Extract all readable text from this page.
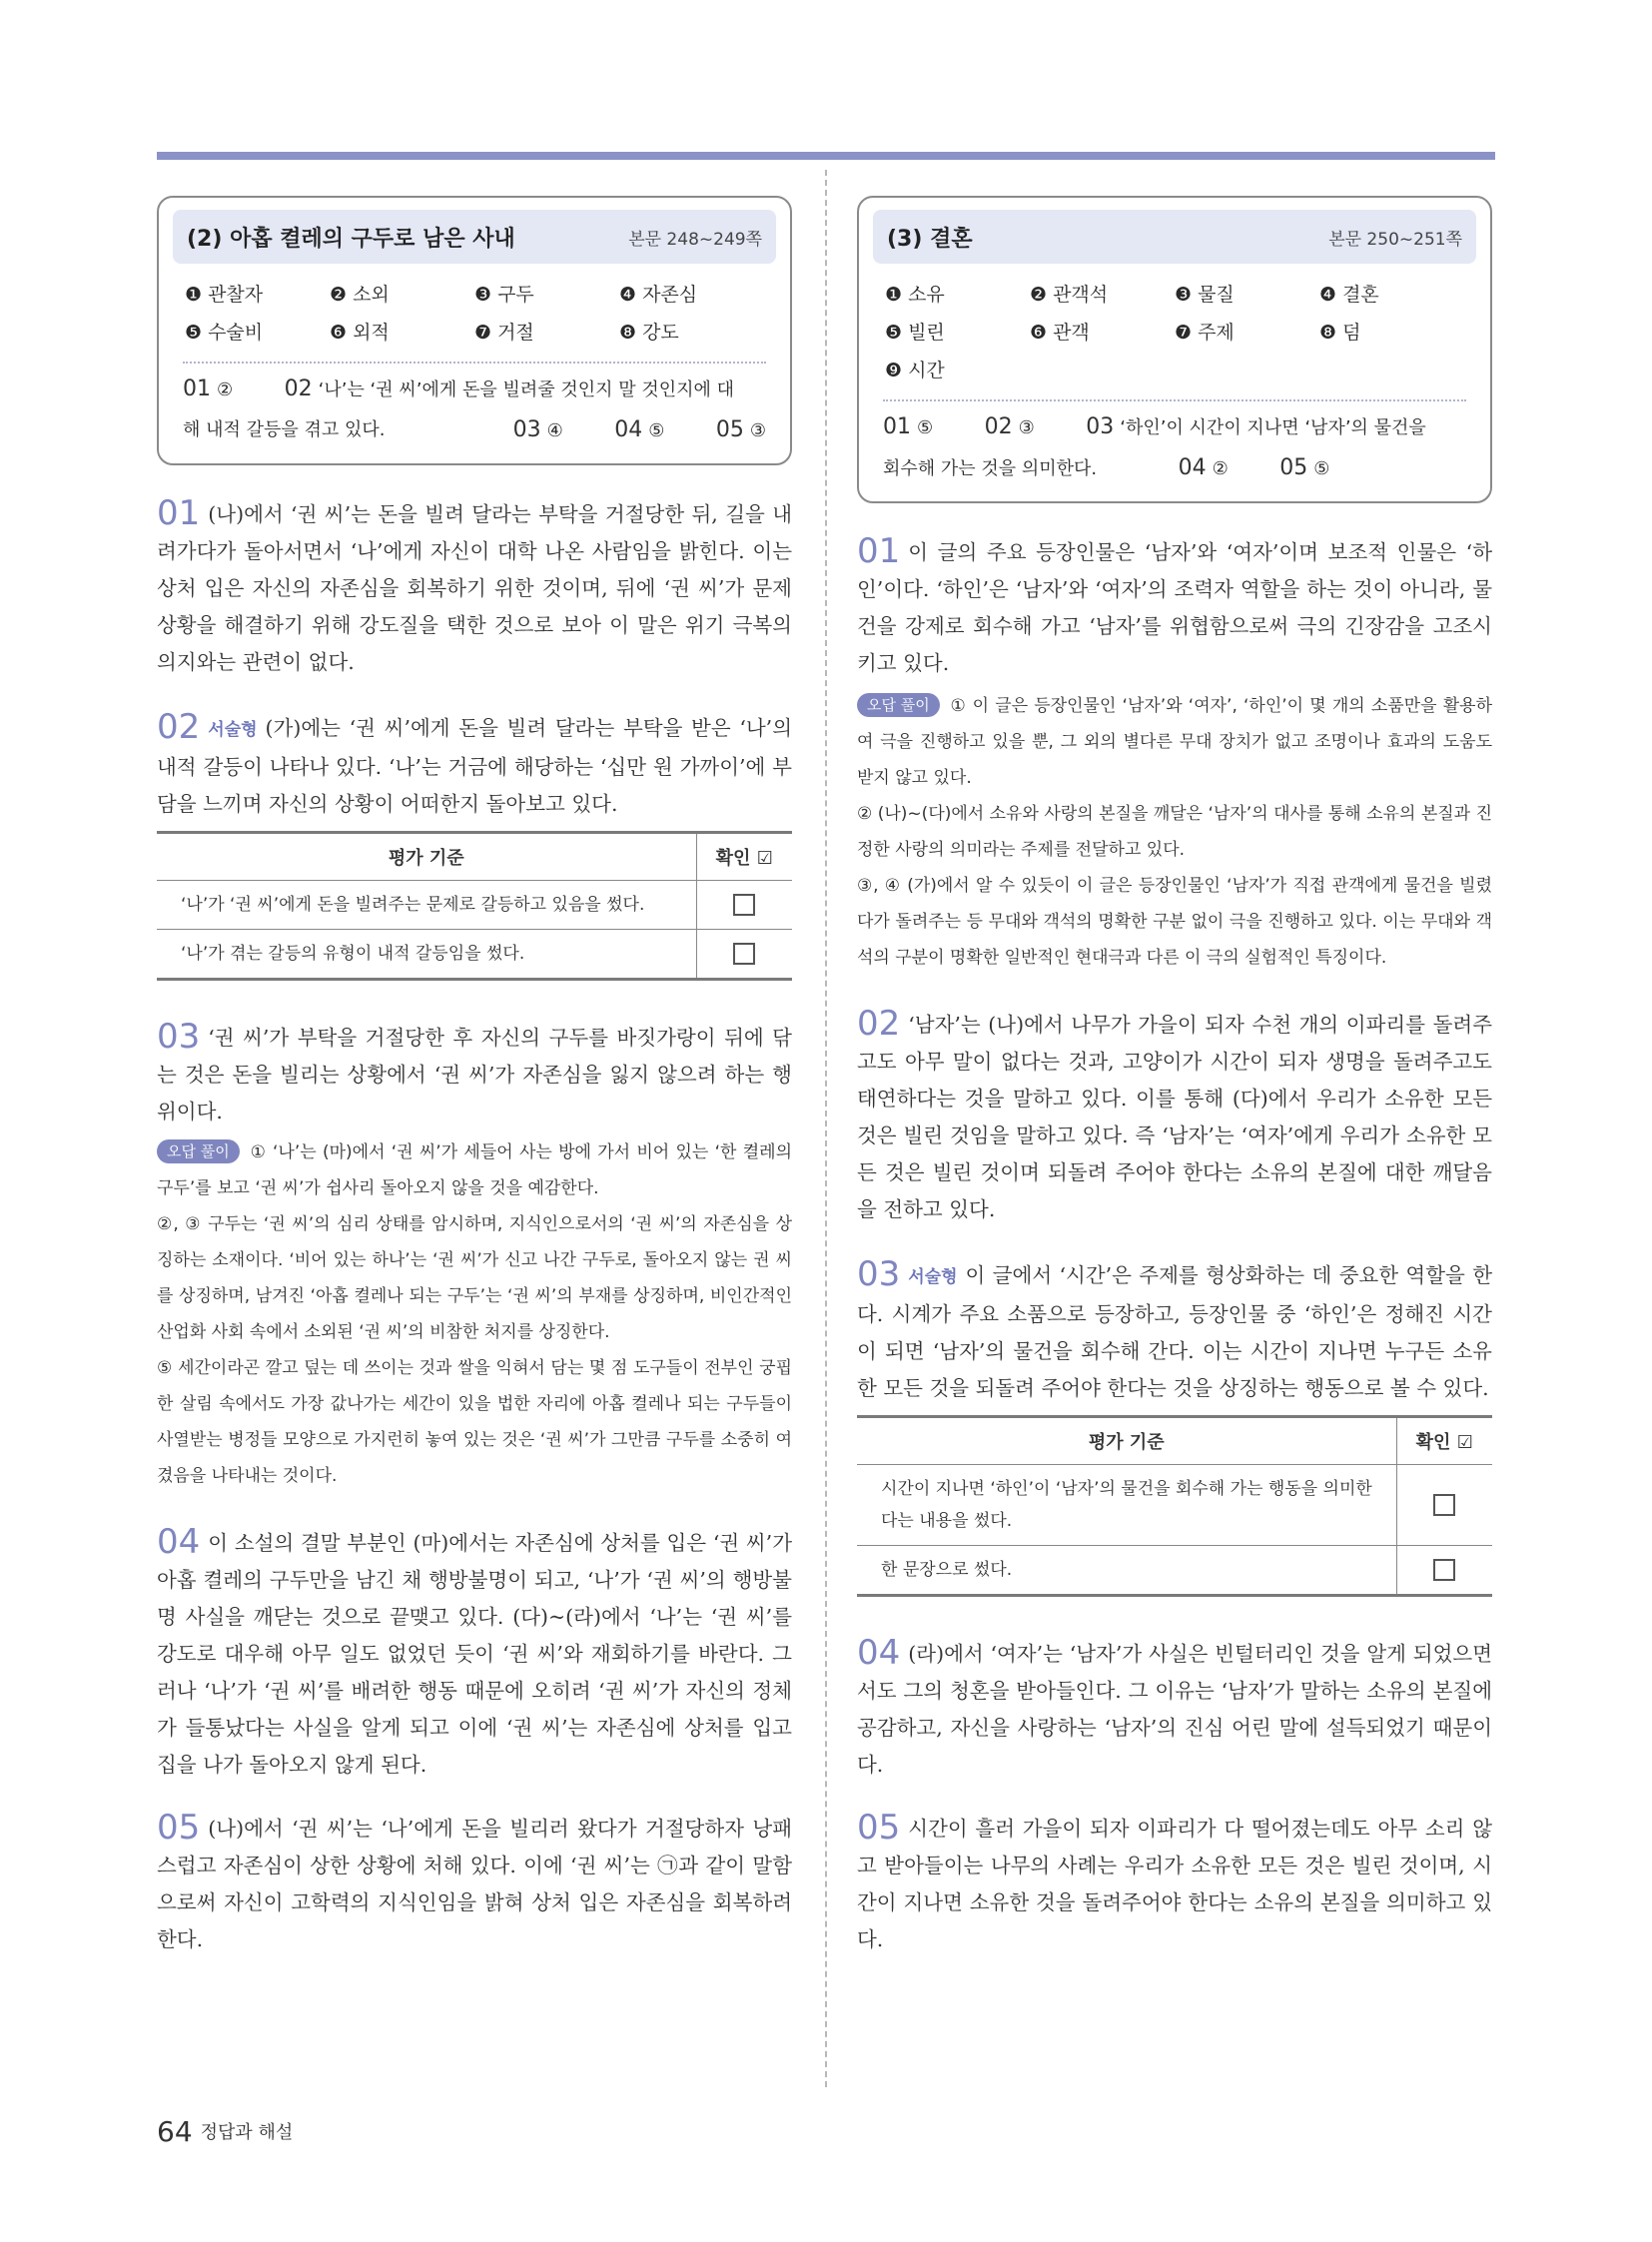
(2) 아홉 켤레의 구두로 남은 사내	본문 248~249쪽
❶ 관찰자	❷ 소외	❸ 구두	❹ 자존심
❺ 수술비	❻ 외적	❼ 거절	❽ 강도
01 ② 02 ‘나’는 ‘권 씨’에게 돈을 빌려줄 것인지 말 것인지에 대
해 내적 갈등을 겪고 있다.	03 ④ 04 ⑤ 05 ③
01 (나)에서 ‘권 씨’는 돈을 빌려 달라는 부탁을 거절당한 뒤, 길을 내려가다가 돌아서면서 ‘나’에게 자신이 대학 나온 사람임을 밝힌다. 이는 상처 입은 자신의 자존심을 회복하기 위한 것이며, 뒤에 ‘권 씨’가 문제 상황을 해결하기 위해 강도질을 택한 것으로 보아 이 말은 위기 극복의 의지와는 관련이 없다.
02 서술형 (가)에는 ‘권 씨’에게 돈을 빌려 달라는 부탁을 받은 ‘나’의 내적 갈등이 나타나 있다. ‘나’는 거금에 해당하는 ‘십만 원 가까이’에 부담을 느끼며 자신의 상황이 어떠한지 돌아보고 있다.
평가 기준	확인 ☑
‘나’가 ‘권 씨’에게 돈을 빌려주는 문제로 갈등하고 있음을 썼다.	
‘나’가 겪는 갈등의 유형이 내적 갈등임을 썼다.	
03 ‘권 씨’가 부탁을 거절당한 후 자신의 구두를 바짓가랑이 뒤에 닦는 것은 돈을 빌리는 상황에서 ‘권 씨’가 자존심을 잃지 않으려 하는 행위이다.
오답 풀이 ① ‘나’는 (마)에서 ‘권 씨’가 세들어 사는 방에 가서 비어 있는 ‘한 켤레의 구두’를 보고 ‘권 씨’가 쉽사리 돌아오지 않을 것을 예감한다.
②, ③ 구두는 ‘권 씨’의 심리 상태를 암시하며, 지식인으로서의 ‘권 씨’의 자존심을 상징하는 소재이다. ‘비어 있는 하나’는 ‘권 씨’가 신고 나간 구두로, 돌아오지 않는 권 씨를 상징하며, 남겨진 ‘아홉 켤레나 되는 구두’는 ‘권 씨’의 부재를 상징하며, 비인간적인 산업화 사회 속에서 소외된 ‘권 씨’의 비참한 처지를 상징한다.
⑤ 세간이라곤 깔고 덮는 데 쓰이는 것과 쌀을 익혀서 담는 몇 점 도구들이 전부인 궁핍한 살림 속에서도 가장 값나가는 세간이 있을 법한 자리에 아홉 켤레나 되는 구두들이 사열받는 병정들 모양으로 가지런히 놓여 있는 것은 ‘권 씨’가 그만큼 구두를 소중히 여겼음을 나타내는 것이다.
04 이 소설의 결말 부분인 (마)에서는 자존심에 상처를 입은 ‘권 씨’가 아홉 켤레의 구두만을 남긴 채 행방불명이 되고, ‘나’가 ‘권 씨’의 행방불명 사실을 깨닫는 것으로 끝맺고 있다. (다)~(라)에서 ‘나’는 ‘권 씨’를 강도로 대우해 아무 일도 없었던 듯이 ‘권 씨’와 재회하기를 바란다. 그러나 ‘나’가 ‘권 씨’를 배려한 행동 때문에 오히려 ‘권 씨’가 자신의 정체가 들통났다는 사실을 알게 되고 이에 ‘권 씨’는 자존심에 상처를 입고 집을 나가 돌아오지 않게 된다.
05 (나)에서 ‘권 씨’는 ‘나’에게 돈을 빌리러 왔다가 거절당하자 낭패스럽고 자존심이 상한 상황에 처해 있다. 이에 ‘권 씨’는 ㉠과 같이 말함으로써 자신이 고학력의 지식인임을 밝혀 상처 입은 자존심을 회복하려 한다.
(3) 결혼	본문 250~251쪽
❶ 소유	❷ 관객석	❸ 물질	❹ 결혼
❺ 빌린	❻ 관객	❼ 주제	❽ 덤
❾ 시간
01 ⑤ 02 ③ 03 ‘하인’이 시간이 지나면 ‘남자’의 물건을
회수해 가는 것을 의미한다.	04 ② 05 ⑤
01 이 글의 주요 등장인물은 ‘남자’와 ‘여자’이며 보조적 인물은 ‘하인’이다. ‘하인’은 ‘남자’와 ‘여자’의 조력자 역할을 하는 것이 아니라, 물건을 강제로 회수해 가고 ‘남자’를 위협함으로써 극의 긴장감을 고조시키고 있다.
오답 풀이 ① 이 글은 등장인물인 ‘남자’와 ‘여자’, ‘하인’이 몇 개의 소품만을 활용하여 극을 진행하고 있을 뿐, 그 외의 별다른 무대 장치가 없고 조명이나 효과의 도움도 받지 않고 있다.
② (나)~(다)에서 소유와 사랑의 본질을 깨달은 ‘남자’의 대사를 통해 소유의 본질과 진정한 사랑의 의미라는 주제를 전달하고 있다.
③, ④ (가)에서 알 수 있듯이 이 글은 등장인물인 ‘남자’가 직접 관객에게 물건을 빌렸다가 돌려주는 등 무대와 객석의 명확한 구분 없이 극을 진행하고 있다. 이는 무대와 객석의 구분이 명확한 일반적인 현대극과 다른 이 극의 실험적인 특징이다.
02 ‘남자’는 (나)에서 나무가 가을이 되자 수천 개의 이파리를 돌려주고도 아무 말이 없다는 것과, 고양이가 시간이 되자 생명을 돌려주고도 태연하다는 것을 말하고 있다. 이를 통해 (다)에서 우리가 소유한 모든 것은 빌린 것임을 말하고 있다. 즉 ‘남자’는 ‘여자’에게 우리가 소유한 모든 것은 빌린 것이며 되돌려 주어야 한다는 소유의 본질에 대한 깨달음을 전하고 있다.
03 서술형 이 글에서 ‘시간’은 주제를 형상화하는 데 중요한 역할을 한다. 시계가 주요 소품으로 등장하고, 등장인물 중 ‘하인’은 정해진 시간이 되면 ‘남자’의 물건을 회수해 간다. 이는 시간이 지나면 누구든 소유한 모든 것을 되돌려 주어야 한다는 것을 상징하는 행동으로 볼 수 있다.
평가 기준	확인 ☑
시간이 지나면 ‘하인’이 ‘남자’의 물건을 회수해 가는 행동을 의미한다는 내용을 썼다.	
한 문장으로 썼다.	
04 (라)에서 ‘여자’는 ‘남자’가 사실은 빈털터리인 것을 알게 되었으면서도 그의 청혼을 받아들인다. 그 이유는 ‘남자’가 말하는 소유의 본질에 공감하고, 자신을 사랑하는 ‘남자’의 진심 어린 말에 설득되었기 때문이다.
05 시간이 흘러 가을이 되자 이파리가 다 떨어졌는데도 아무 소리 않고 받아들이는 나무의 사례는 우리가 소유한 모든 것은 빌린 것이며, 시간이 지나면 소유한 것을 돌려주어야 한다는 소유의 본질을 의미하고 있다.
64 정답과 해설
